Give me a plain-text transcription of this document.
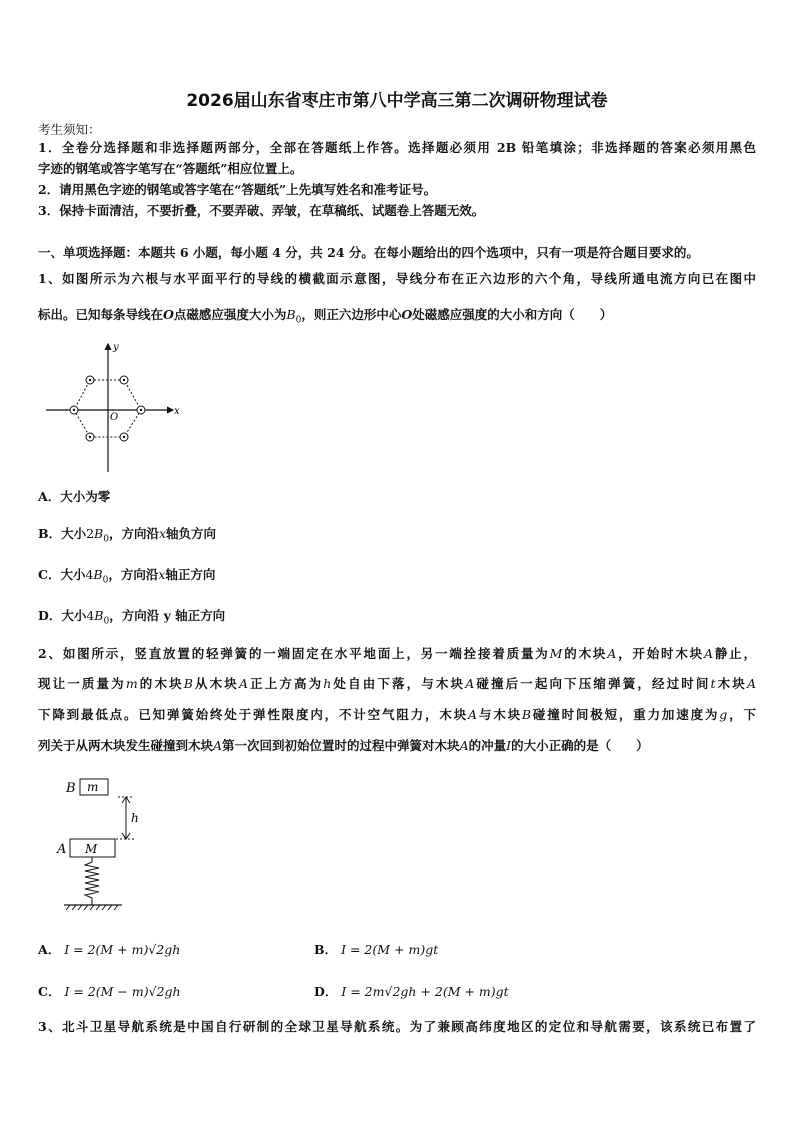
2026届山东省枣庄市第八中学高三第二次调研物理试卷
考生须知：
1．全卷分选择题和非选择题两部分，全部在答题纸上作答。选择题必须用 2B 铅笔填涂；非选择题的答案必须用黑色
字迹的钢笔或答字笔写在“答题纸”相应位置上。
2．请用黑色字迹的钢笔或答字笔在“答题纸”上先填写姓名和准考证号。
3．保持卡面清洁，不要折叠，不要弄破、弄皱，在草稿纸、试题卷上答题无效。
一、单项选择题：本题共 6 小题，每小题 4 分，共 24 分。在每小题给出的四个选项中，只有一项是符合题目要求的。
1、如图所示为六根与水平面平行的导线的横截面示意图，导线分布在正六边形的六个角，导线所通电流方向已在图中
标出。已知每条导线在O点磁感应强度大小为$B_0$，则正六边形中心O处磁感应强度的大小和方向（　　）
x
y
O
A．大小为零
B．大小$2B_0$，方向沿x轴负方向
C．大小$4B_0$，方向沿x轴正方向
D．大小$4B_0$，方向沿 y 轴正方向
2、如图所示，竖直放置的轻弹簧的一端固定在水平地面上，另一端拴接着质量为M的木块A，开始时木块A静止，
现让一质量为m的木块B从木块A正上方高为h处自由下落，与木块A碰撞后一起向下压缩弹簧，经过时间t木块A
下降到最低点。已知弹簧始终处于弹性限度内，不计空气阻力，木块A与木块B碰撞时间极短，重力加速度为g，下
列关于从两木块发生碰撞到木块A第一次回到初始位置时的过程中弹簧对木块A的冲量I的大小正确的是（　　）
B m
h
A M
A． I = 2(M + m)√2gh	B． I = 2(M + m)gt
C． I = 2(M − m)√2gh	D． I = 2m√2gh + 2(M + m)gt
3、北斗卫星导航系统是中国自行研制的全球卫星导航系统。为了兼顾高纬度地区的定位和导航需要，该系统已布置了
